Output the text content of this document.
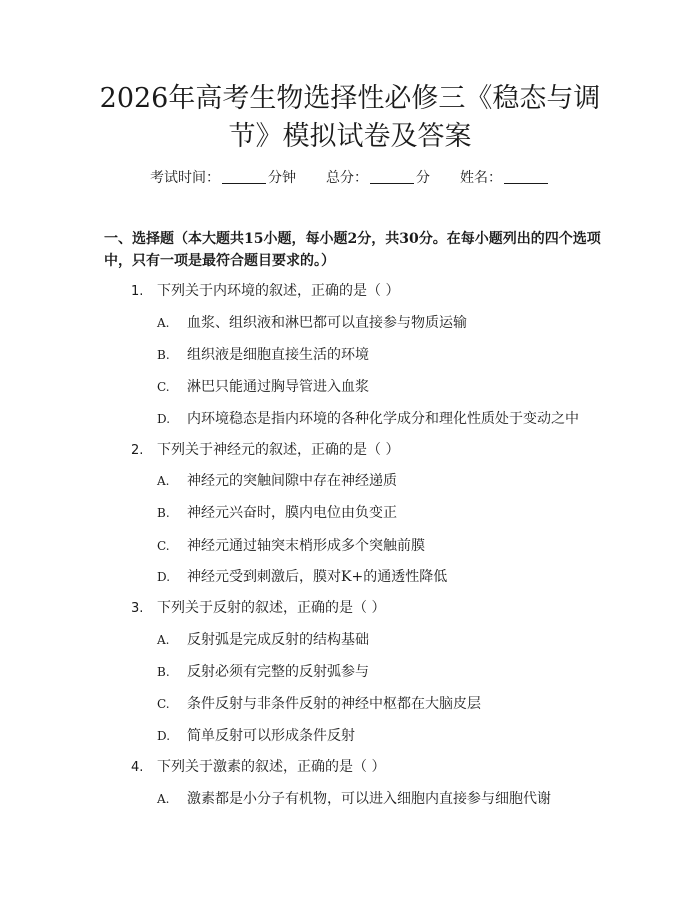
2026年高考生物选择性必修三《稳态与调
节》模拟试卷及答案
考试时间：	分钟 总分：	分 姓名：
一、选择题（本大题共15小题，每小题2分，共30分。在每小题列出的四个选项中，只有一项是最符合题目要求的。）
1. 下列关于内环境的叙述，正确的是（ ）
A. 血浆、组织液和淋巴都可以直接参与物质运输
B. 组织液是细胞直接生活的环境
C. 淋巴只能通过胸导管进入血浆
D. 内环境稳态是指内环境的各种化学成分和理化性质处于变动之中
2. 下列关于神经元的叙述，正确的是（ ）
A. 神经元的突触间隙中存在神经递质
B. 神经元兴奋时，膜内电位由负变正
C. 神经元通过轴突末梢形成多个突触前膜
D. 神经元受到刺激后，膜对K+的通透性降低
3. 下列关于反射的叙述，正确的是（ ）
A. 反射弧是完成反射的结构基础
B. 反射必须有完整的反射弧参与
C. 条件反射与非条件反射的神经中枢都在大脑皮层
D. 简单反射可以形成条件反射
4. 下列关于激素的叙述，正确的是（ ）
A. 激素都是小分子有机物，可以进入细胞内直接参与细胞代谢
